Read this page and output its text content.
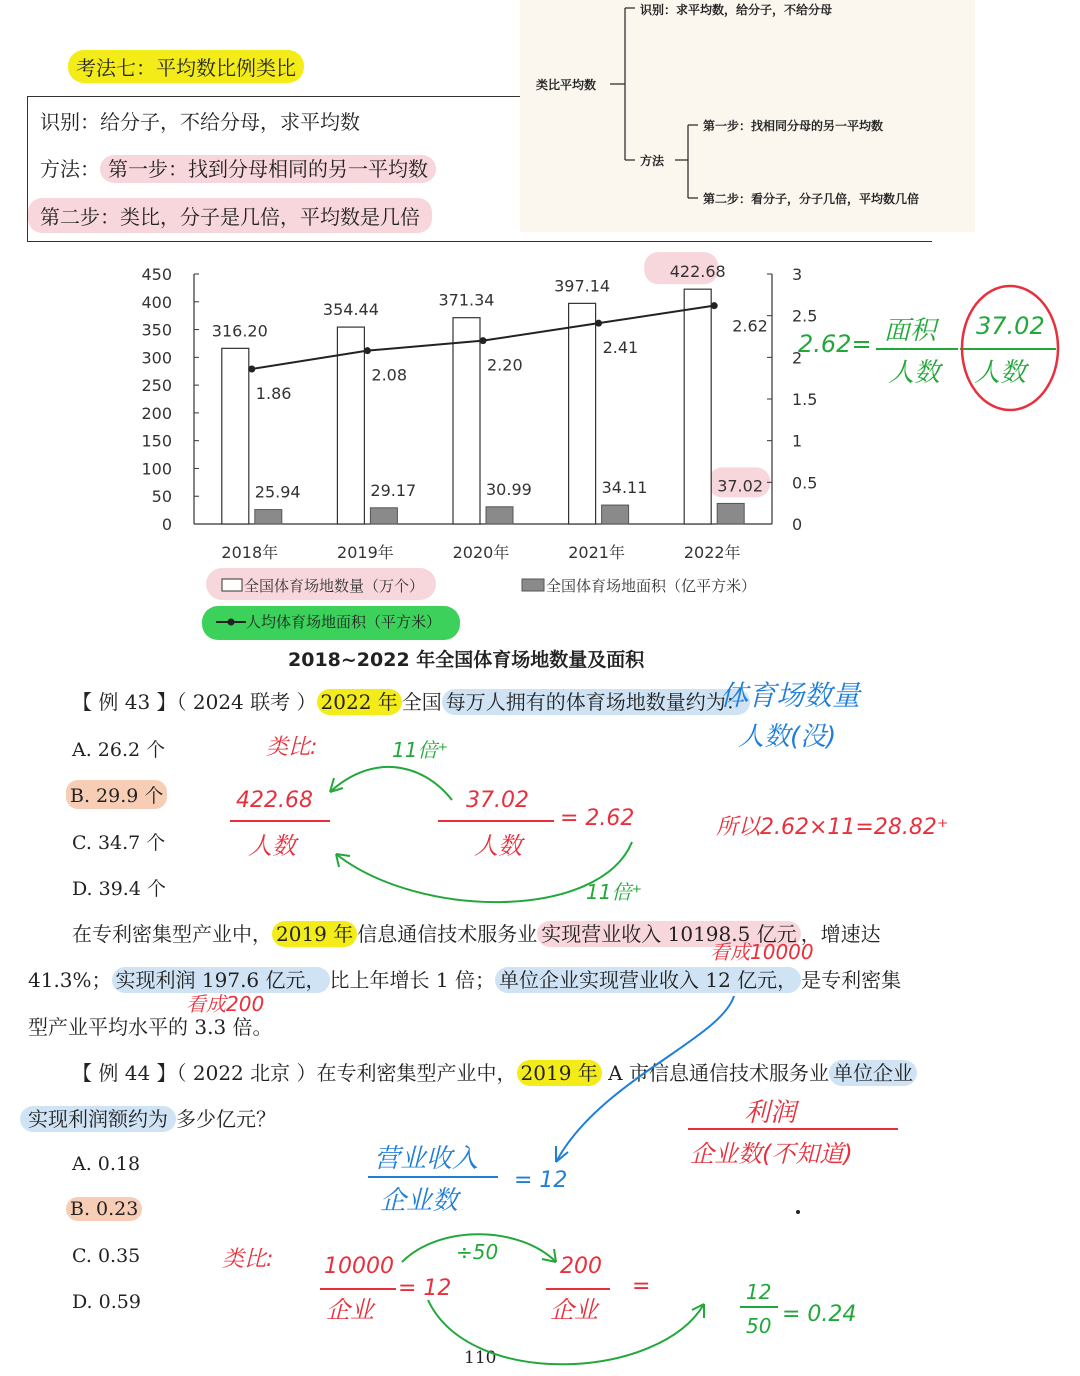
考法七：平均数比例类比
识别：给分子，不给分母，求平均数
方法： 第一步：找到分母相同的另一平均数
第二步：类比，分子是几倍，平均数是几倍
类比平均数
识别：求平均数，给分子，不给分母
方法
第一步：找相同分母的另一平均数
第二步：看分子，分子几倍，平均数几倍
0
50
100
150
200
250
300
350
400
450
0
0.5
1
1.5
2
2.5
3
316.20
25.94
2018年
354.44
29.17
2019年
371.34
30.99
2020年
397.14
34.11
2021年
422.68
37.02
2022年
1.86
2.08
2.20
2.41
2.62
全国体育场地数量（万个）	全国体育场地面积（亿平方米）
人均体育场地面积（平方米）
2018~2022 年全国体育场地数量及面积
【 例 43 】（ 2024 联考 ） 2022 年 全国 每万人拥有的体育场地数量约为：
A. 26.2 个
B. 29.9 个
C. 34.7 个
D. 39.4 个
在专利密集型产业中， 2019 年 信息通信技术服务业 实现营业收入 10198.5 亿元 ，增速达
41.3%； 实现利润 197.6 亿元， 比上年增长 1 倍； 单位企业实现营业收入 12 亿元， 是专利密集
型产业平均水平的 3.3 倍。
【 例 44 】（ 2022 北京 ）在专利密集型产业中， 2019 年 A 市信息通信技术服务业 单位企业
实现利润额约为 多少亿元？
A. 0.18
B. 0.23
C. 0.35
D. 0.59
110
2.62= 面积
人数
37.02
人数
体育场数量
人数(没)
类比:	11倍⁺
422.68
人数
37.02
人数
= 2.62
11倍⁺
所以2.62×11=28.82⁺
看成10000
看成200
利润
企业数(不知道)
营业收入
企业数
= 12
类比: 10000
企业
= 12
÷50
200
企业
=	12
50 = 0.24
